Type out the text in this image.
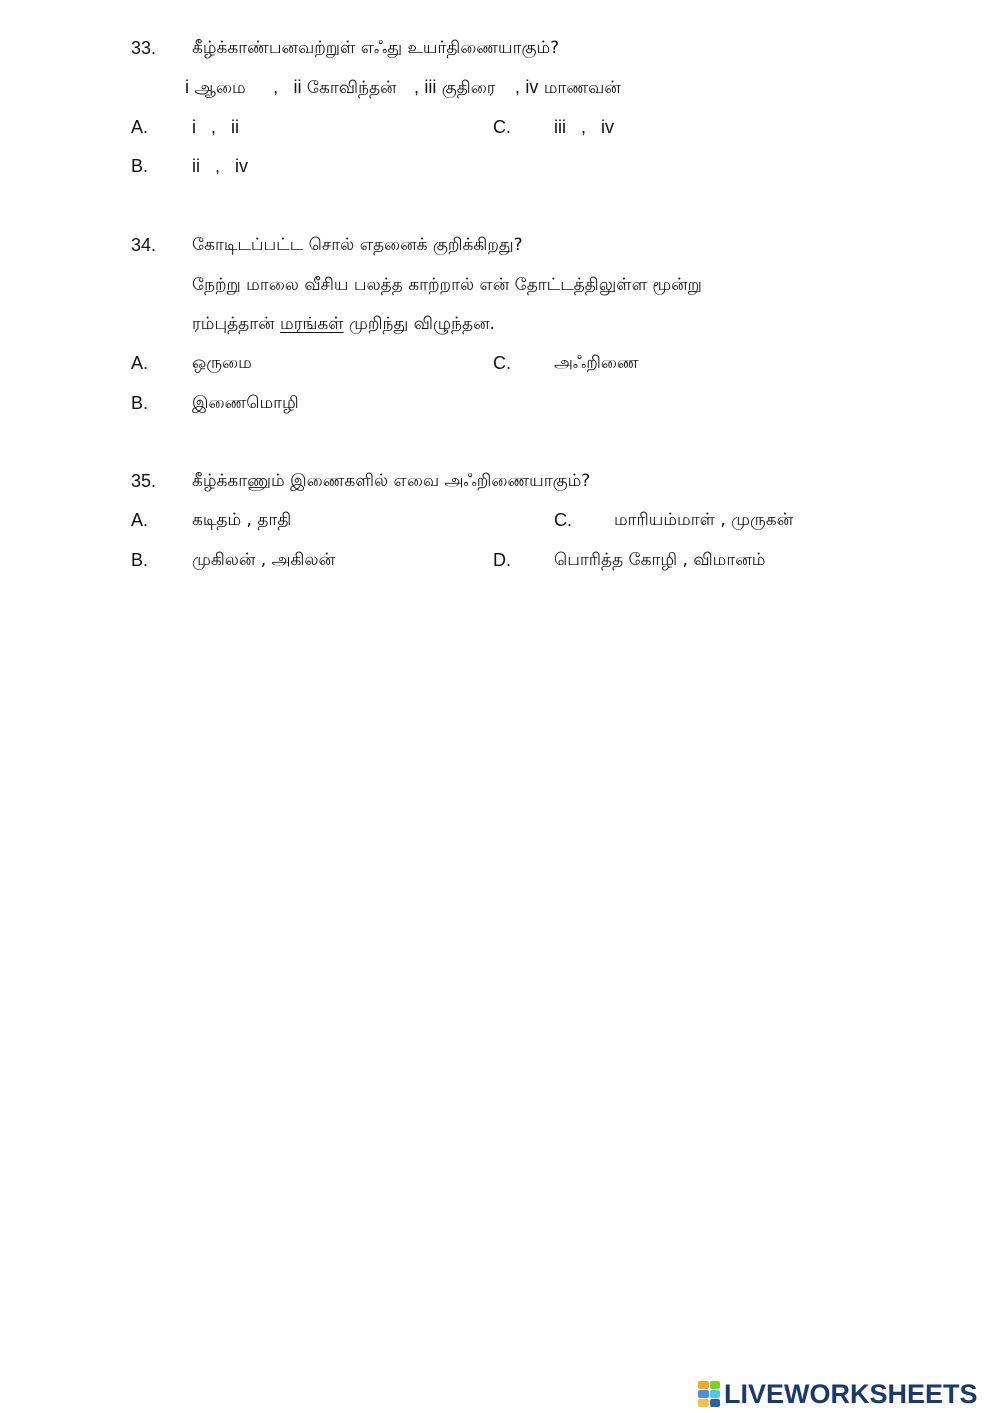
33. கீழ்க்காண்பனவற்றுள் எஃது உயர்திணையாகும்?
i ஆமை , ii கோவிந்தன் , iii குதிரை , iv மாணவன்
A. i   ,   ii	C. iii   ,   iv
B. ii   ,   iv
34. கோடிடப்பட்ட சொல் எதனைக் குறிக்கிறது?
நேற்று மாலை வீசிய பலத்த காற்றால் என் தோட்டத்திலுள்ள மூன்று
ரம்புத்தான் மரங்கள் முறிந்து விழுந்தன.
A.	ஒருமை	C.	அஃறிணை
B.	இணைமொழி
35. கீழ்க்காணும் இணைகளில் எவை அஃறிணையாகும்?
A.	கடிதம் , தாதி	C. மாரியம்மாள் , முருகன்
B.	முகிலன் , அகிலன்	D.	பொரித்த கோழி , விமானம்
LIVEWORKSHEETS
